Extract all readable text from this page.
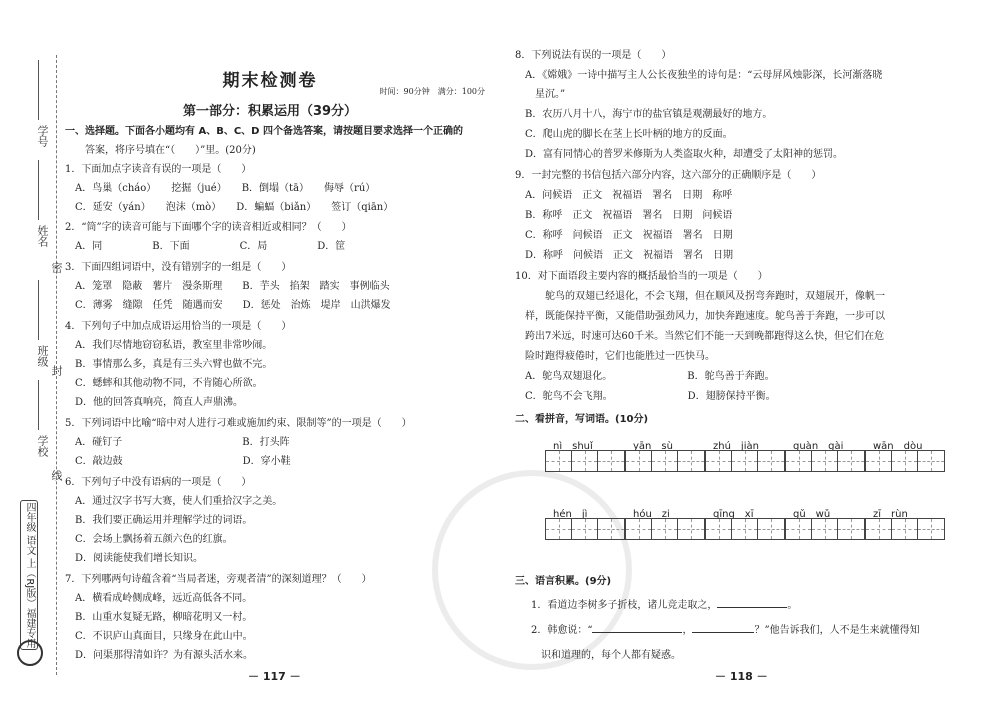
学号
姓名
密
班级
封
学校
线
四年级 语文 上（RJ版）福建专用
期末检测卷
时间：90分钟　满分：100分
第一部分：积累运用（39分）
一、选择题。下面各小题均有 A、B、C、D 四个备选答案，请按题目要求选择一个正确的
　　答案，将序号填在“（　　）”里。(20分)
1．下面加点字读音有误的一项是（　　）
　A．鸟巢（cháo）　　挖掘（jué）　　B．倒塌（tā）　　侮辱（rú）
　C．延安（yán）　　泡沫（mò）　　D．蝙蝠（biǎn）　　签订（qiān）
2．“筒”字的读音可能与下面哪个字的读音相近或相同？（　　）
　A．同　　　　　B．下面　　　　　C．局　　　　　D．筐
3．下面四组词语中，没有错别字的一组是（　　）
　A．笼罩　隐蔽　薯片　漫条斯理　　B．芋头　掐架　踏实　事例临头
　C．薄雾　缝隙　任凭　随遇而安　　D．惩处　治炼　堤岸　山洪爆发
4．下列句子中加点成语运用恰当的一项是（　　）
　A．我们尽情地窃窃私语，教室里非常吵闹。
　B．事情那么多，真是有三头六臂也做不完。
　C．蟋蟀和其他动物不同，不肯随心所欲。
　D．他的回答真响亮，简直人声鼎沸。
5．下列词语中比喻“暗中对人进行刁难或施加约束、限制等”的一项是（　　）
　A．碰钉子　　　　　　　　　　　　B．打头阵
　C．敲边鼓　　　　　　　　　　　　D．穿小鞋
6．下列句子中没有语病的一项是（　　）
　A．通过汉字书写大赛，使人们重拾汉字之美。
　B．我们要正确运用并理解学过的词语。
　C．会场上飘扬着五颜六色的红旗。
　D．阅读能使我们增长知识。
7．下列哪两句诗蕴含着“当局者迷，旁观者清”的深刻道理？（　　）
　A．横看成岭侧成峰，远近高低各不同。
　B．山重水复疑无路，柳暗花明又一村。
　C．不识庐山真面目，只缘身在此山中。
　D．问渠那得清如许？为有源头活水来。
－ 117 －
8．下列说法有误的一项是（　　）
　A．《嫦娥》一诗中描写主人公长夜独坐的诗句是：“云母屏风烛影深，长河渐落晓
　　星沉。”
　B．农历八月十八，海宁市的盐官镇是观潮最好的地方。
　C．爬山虎的脚长在茎上长叶柄的地方的反面。
　D．富有同情心的普罗米修斯为人类盗取火种，却遭受了太阳神的惩罚。
9．一封完整的书信包括六部分内容，这六部分的正确顺序是（　　）
　A．问候语　正文　祝福语　署名　日期　称呼
　B．称呼　正文　祝福语　署名　日期　问候语
　C．称呼　问候语　正文　祝福语　署名　日期
　D．称呼　问候语　正文　祝福语　署名　日期
10．对下面语段主要内容的概括最恰当的一项是（　　）
　　　鸵鸟的双翅已经退化，不会飞翔，但在顺风及拐弯奔跑时，双翅展开，像帆一
　样，既能保持平衡，又能借助强劲风力，加快奔跑速度。鸵鸟善于奔跑，一步可以
　跨出7米远，时速可达60千米。当然它们不能一天到晚都跑得这么快，但它们在危
　险时跑得疲倦时，它们也能胜过一匹快马。
　A．鸵鸟双翅退化。　　　　　　　　B．鸵鸟善于奔跑。
　C．鸵鸟不会飞翔。　　　　　　　　D．翅膀保持平衡。
二、看拼音，写词语。(10分)
nì　shuǐ	yān　sù	zhú　jiàn	guàn　gài	wān　dòu
hén　jì	hóu　zi	qīng　xī	gǔ　wǔ	zī　rùn
三、语言积累。(9分)
1．看道边李树多子折枝，诸儿竞走取之，	。
2．韩愈说：“	，	？”他告诉我们，人不是生来就懂得知
　识和道理的，每个人都有疑惑。
－ 118 －
